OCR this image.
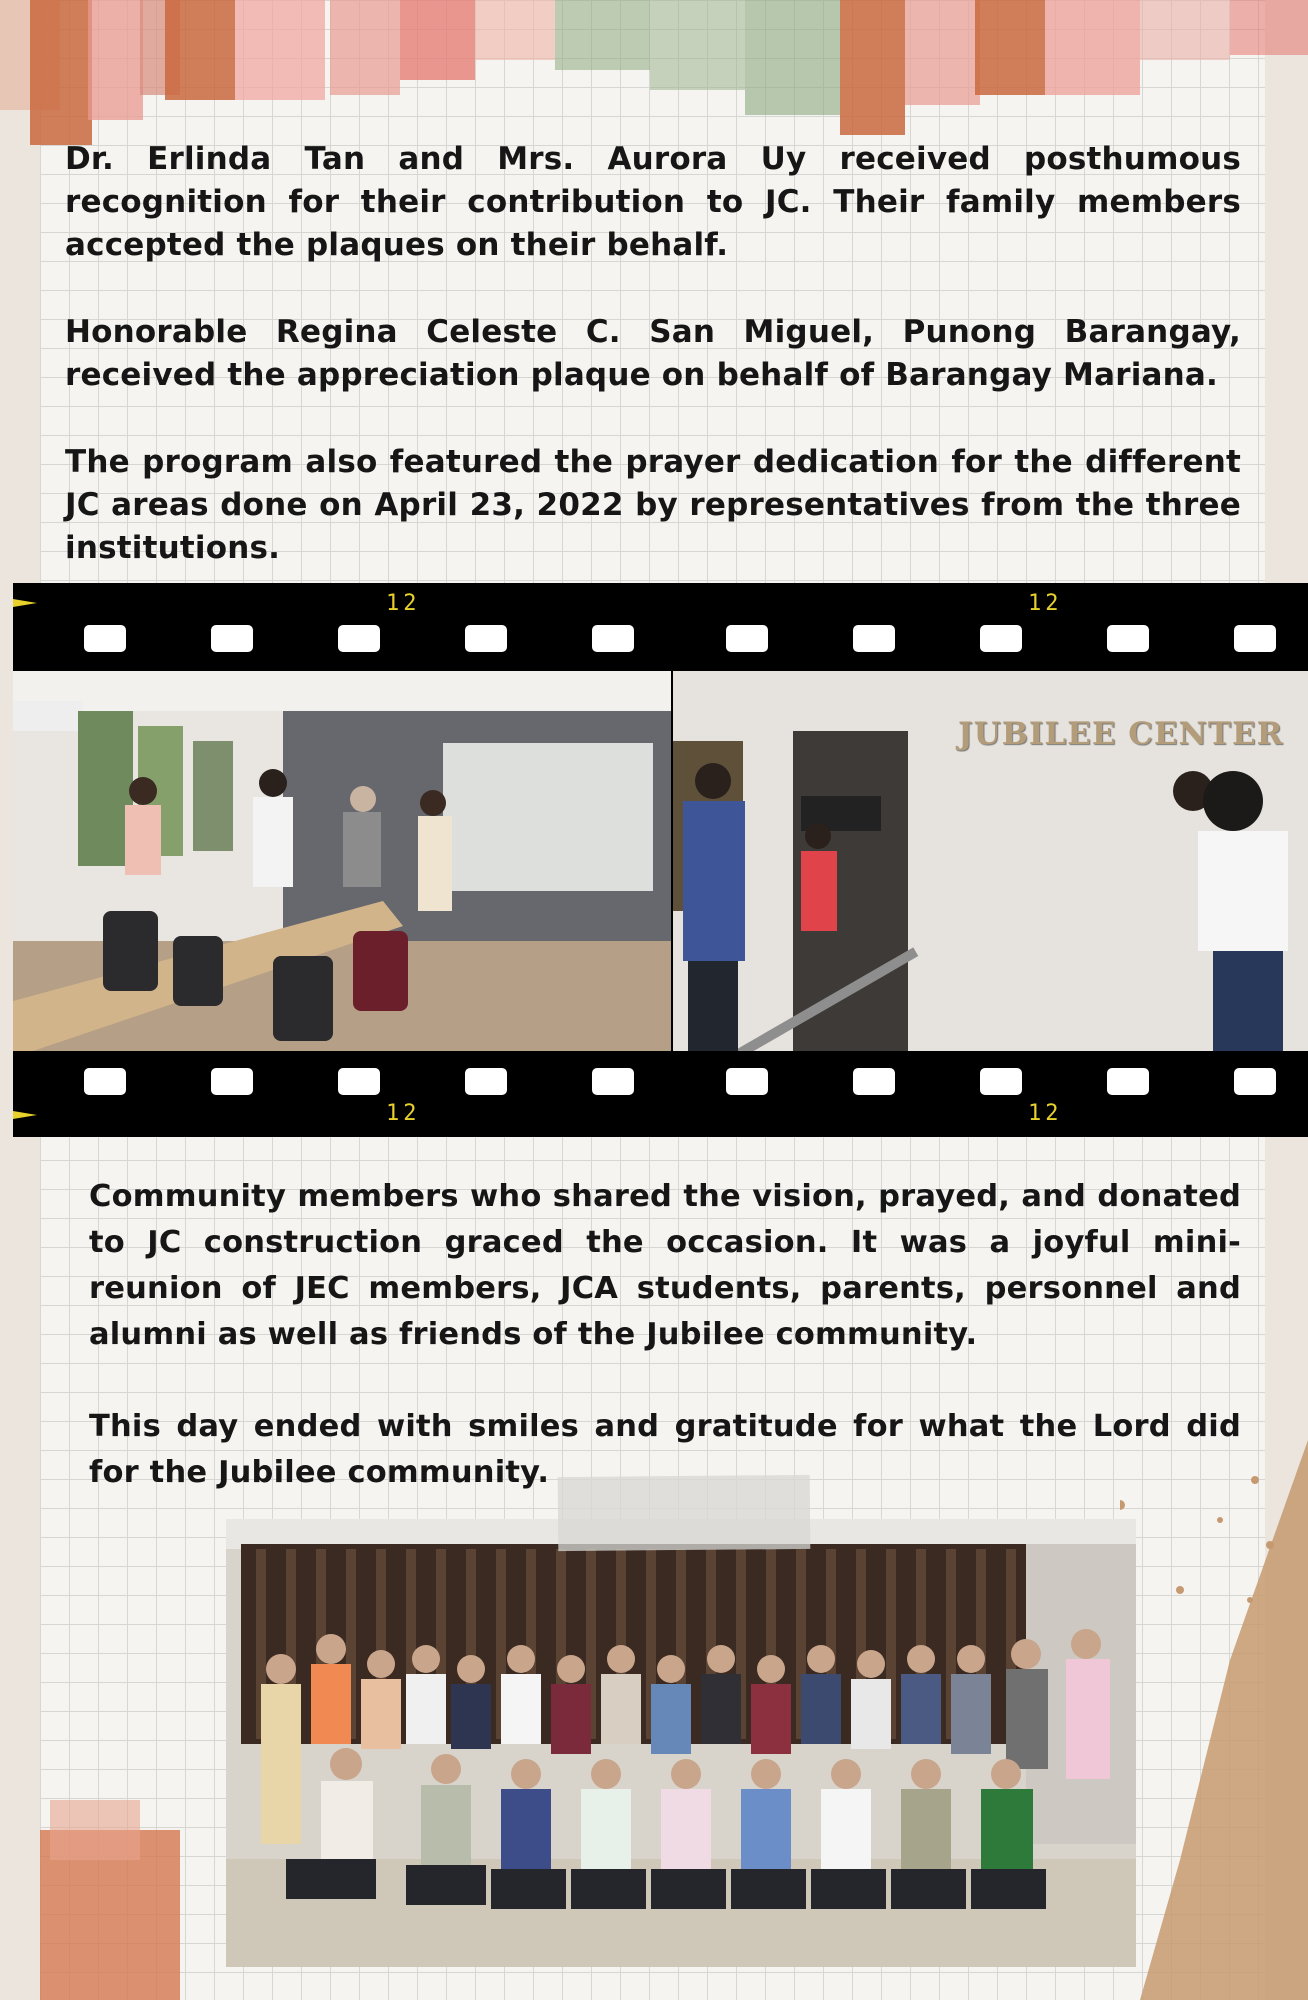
Dr. Erlinda Tan and Mrs. Aurora Uy received posthumous recognition for their contribution to JC. Their family members accepted the plaques on their behalf.

Honorable Regina Celeste C. San Miguel, Punong Barangay, received the appreciation plaque on behalf of Barangay Mariana.

The program also featured the prayer dedication for the different JC areas done on April 23, 2022 by representatives from the three institutions.

12	12
JUBILEE CENTER
12	12

Community members who shared the vision, prayed, and donated to JC construction graced the occasion. It was a joyful mini-reunion of JEC members, JCA students, parents, personnel and alumni as well as friends of the Jubilee community.

This day ended with smiles and gratitude for what the Lord did for the Jubilee community.
